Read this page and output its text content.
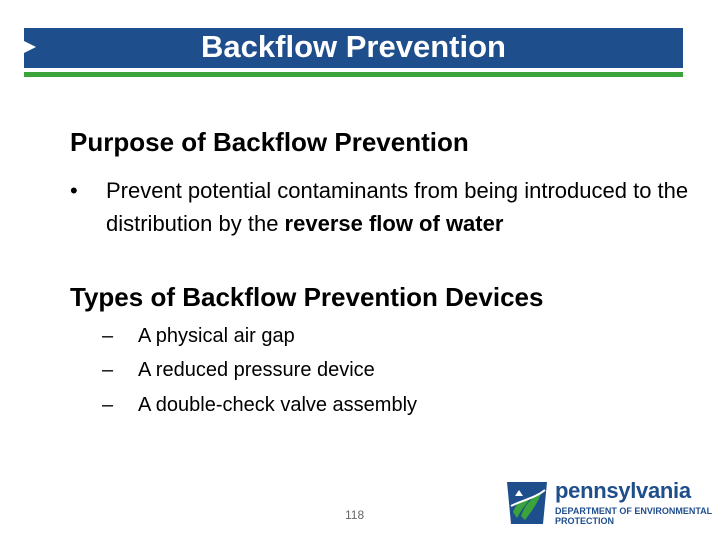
Backflow Prevention
Purpose of Backflow Prevention
• Prevent potential contaminants from being introduced to the distribution by the reverse flow of water
Types of Backflow Prevention Devices
– A physical air gap
– A reduced pressure device
– A double-check valve assembly
118
pennsylvania
DEPARTMENT OF ENVIRONMENTAL
PROTECTION
